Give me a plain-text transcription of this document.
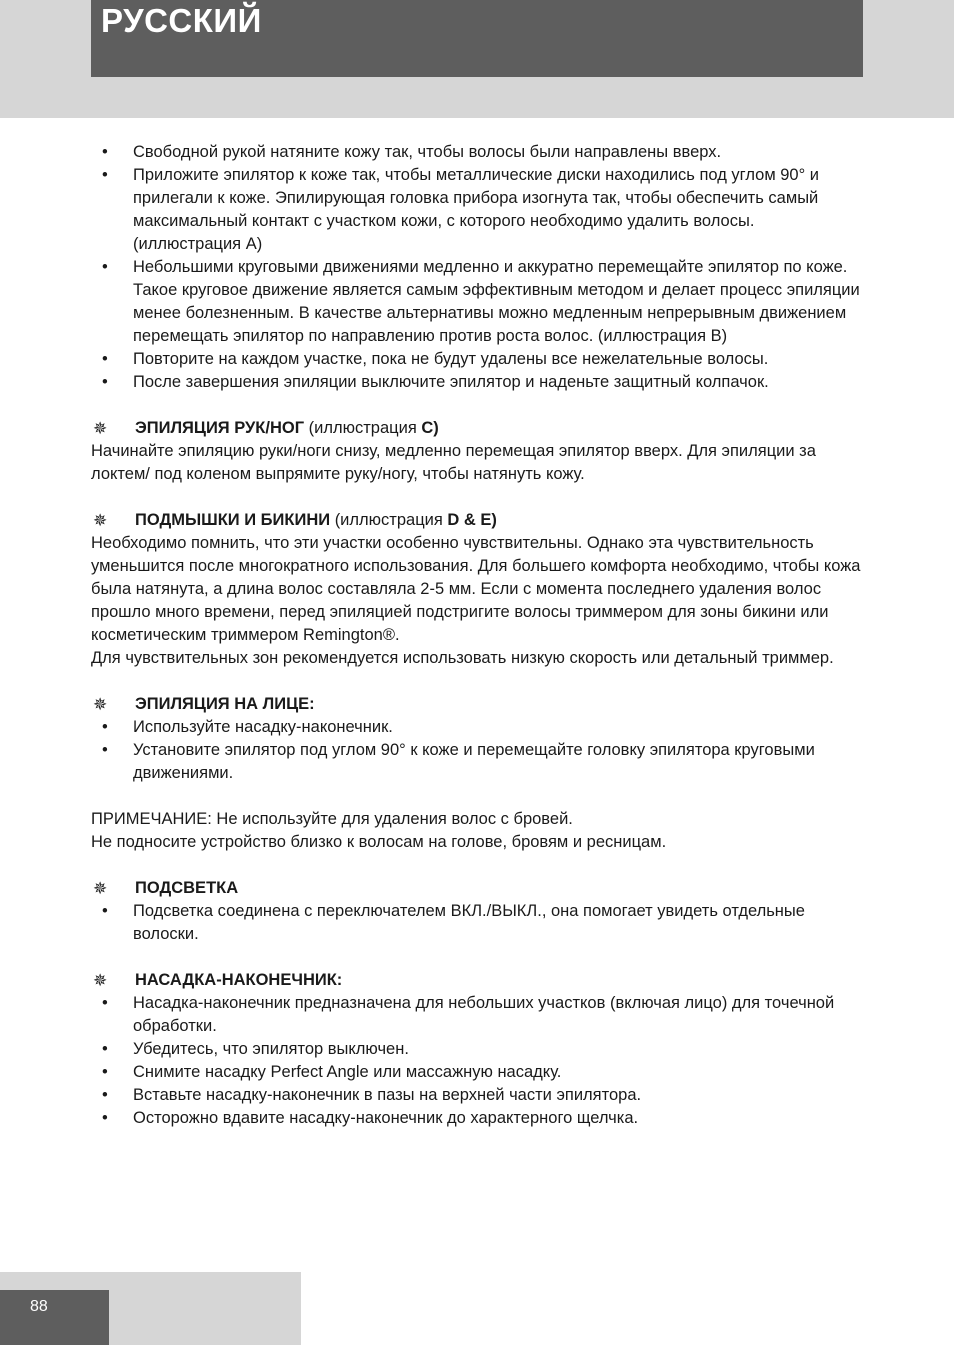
РУССКИЙ
• Свободной рукой натяните кожу так, чтобы волосы были направлены вверх.
• Приложите эпилятор к коже так, чтобы металлические диски находились под углом 90° и прилегали к коже. Эпилирующая головка прибора изогнута так, чтобы обеспечить самый максимальный контакт с участком кожи, с которого необходимо удалить волосы. (иллюстрация A)
• Небольшими круговыми движениями медленно и аккуратно перемещайте эпилятор по коже. Такое круговое движение является самым эффективным методом и делает процесс эпиляции менее болезненным. В качестве альтернативы можно медленным непрерывным движением перемещать эпилятор по направлению против роста волос. (иллюстрация B)
• Повторите на каждом участке, пока не будут удалены все нежелательные волосы.
• После завершения эпиляции выключите эпилятор и наденьте защитный колпачок.
✵ ЭПИЛЯЦИЯ РУК/НОГ (иллюстрация C)

Начинайте эпиляцию руки/ноги снизу, медленно перемещая эпилятор вверх. Для эпиляции за локтем/ под коленом выпрямите руку/ногу, чтобы натянуть кожу.

✵ ПОДМЫШКИ И БИКИНИ (иллюстрация D & E)

Необходимо помнить, что эти участки особенно чувствительны. Однако эта чувствительность уменьшится после многократного использования. Для большего комфорта необходимо, чтобы кожа была натянута, а длина волос составляла 2-5 мм. Если с момента последнего удаления волос прошло много времени, перед эпиляцией подстригите волосы триммером для зоны бикини или косметическим триммером Remington®.

Для чувствительных зон рекомендуется использовать низкую скорость или детальный триммер.

✵ ЭПИЛЯЦИЯ НА ЛИЦЕ:
• Используйте насадку-наконечник.
• Установите эпилятор под углом 90° к коже и перемещайте головку эпилятора круговыми движениями.

ПРИМЕЧАНИЕ: Не используйте для удаления волос с бровей.

Не подносите устройство близко к волосам на голове, бровям и ресницам.

✵ ПОДСВЕТКА
• Подсветка соединена с переключателем ВКЛ./ВЫКЛ., она помогает увидеть отдельные волоски.
✵ НАСАДКА-НАКОНЕЧНИК:
• Насадка-наконечник предназначена для небольших участков (включая лицо) для точечной обработки.
• Убедитесь, что эпилятор выключен.
• Снимите насадку Perfect Angle или массажную насадку.
• Вставьте насадку-наконечник в пазы на верхней части эпилятора.
• Осторожно вдавите насадку-наконечник до характерного щелчка.
88
